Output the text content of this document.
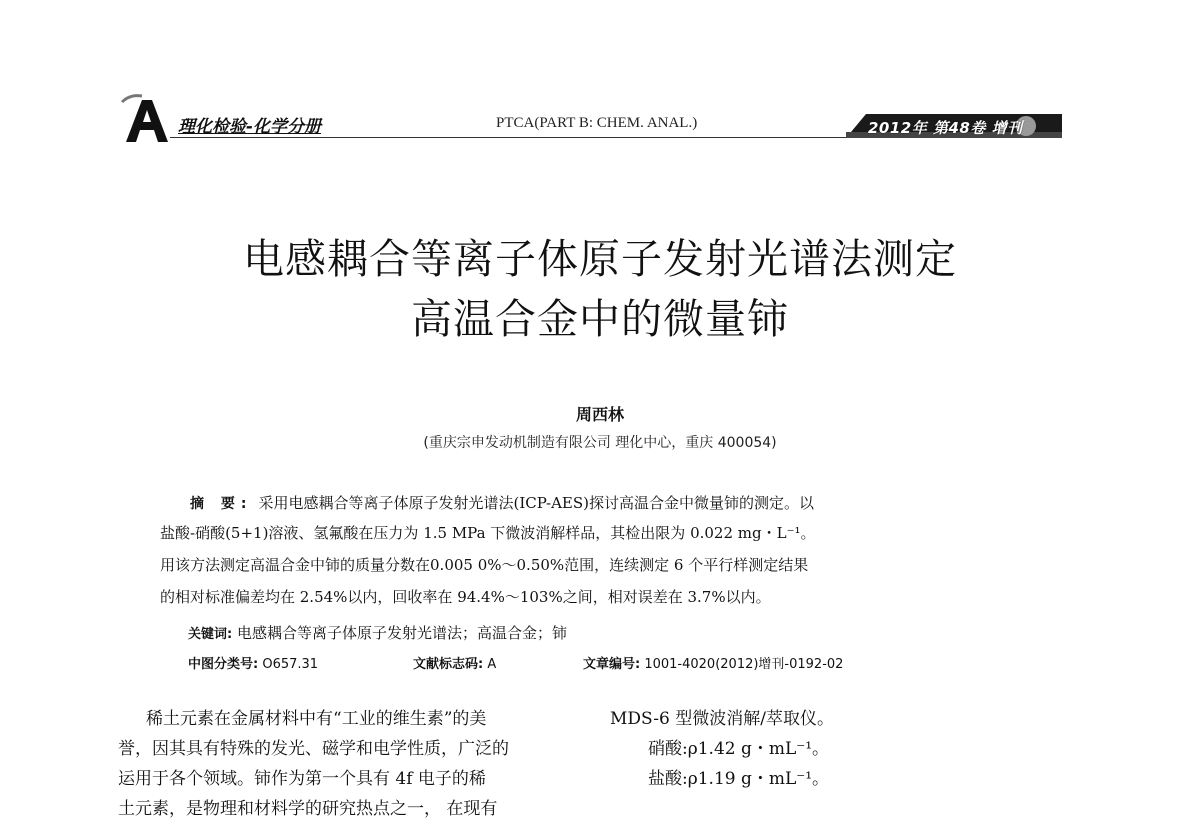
理化检验-化学分册	PTCA(PART B: CHEM. ANAL.)	2012年 第48卷 增刊
电感耦合等离子体原子发射光谱法测定
高温合金中的微量铈
周西林
(重庆宗申发动机制造有限公司 理化中心，重庆 400054)
摘 要: 采用电感耦合等离子体原子发射光谱法(ICP-AES)探讨高温合金中微量铈的测定。以
盐酸-硝酸(5+1)溶液、氢氟酸在压力为 1.5 MPa 下微波消解样品，其检出限为 0.022 mg・L⁻¹。
用该方法测定高温合金中铈的质量分数在0.005 0%～0.50%范围，连续测定 6 个平行样测定结果
的相对标准偏差均在 2.54%以内，回收率在 94.4%～103%之间，相对误差在 3.7%以内。
关键词: 电感耦合等离子体原子发射光谱法；高温合金；铈
中图分类号: O657.31	文献标志码: A	文章编号: 1001-4020(2012)增刊-0192-02
稀土元素在金属材料中有“工业的维生素”的美
誉，因其具有特殊的发光、磁学和电学性质，广泛的
运用于各个领域。铈作为第一个具有 4f 电子的稀
土元素，是物理和材料学的研究热点之一， 在现有
MDS-6 型微波消解/萃取仪。
硝酸:ρ1.42 g・mL⁻¹。
盐酸:ρ1.19 g・mL⁻¹。
